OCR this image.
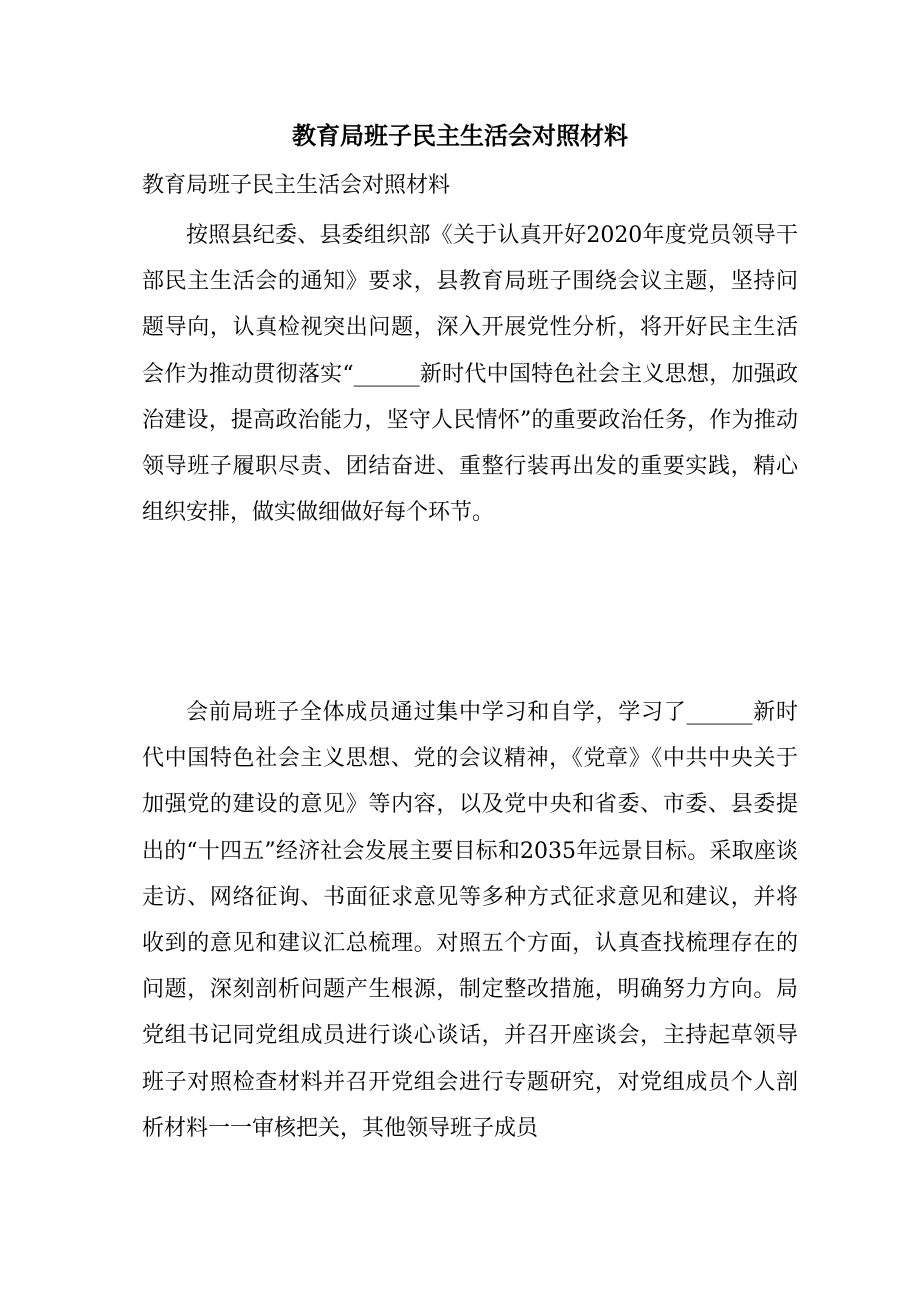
教育局班子民主生活会对照材料
教育局班子民主生活会对照材料

按照县纪委、县委组织部《关于认真开好2020年度党员领导干部民主生活会的通知》要求，县教育局班子围绕会议主题，坚持问题导向，认真检视突出问题，深入开展党性分析，将开好民主生活会作为推动贯彻落实“______新时代中国特色社会主义思想，加强政治建设，提高政治能力，坚守人民情怀”的重要政治任务，作为推动领导班子履职尽责、团结奋进、重整行装再出发的重要实践，精心组织安排，做实做细做好每个环节。

会前局班子全体成员通过集中学习和自学，学习了______新时代中国特色社会主义思想、党的会议精神，《党章》《中共中央关于加强党的建设的意见》等内容，以及党中央和省委、市委、县委提出的“十四五”经济社会发展主要目标和2035年远景目标。采取座谈走访、网络征询、书面征求意见等多种方式征求意见和建议，并将收到的意见和建议汇总梳理。对照五个方面，认真查找梳理存在的问题，深刻剖析问题产生根源，制定整改措施，明确努力方向。局党组书记同党组成员进行谈心谈话，并召开座谈会，主持起草领导班子对照检查材料并召开党组会进行专题研究，对党组成员个人剖析材料一一审核把关，其他领导班子成员
